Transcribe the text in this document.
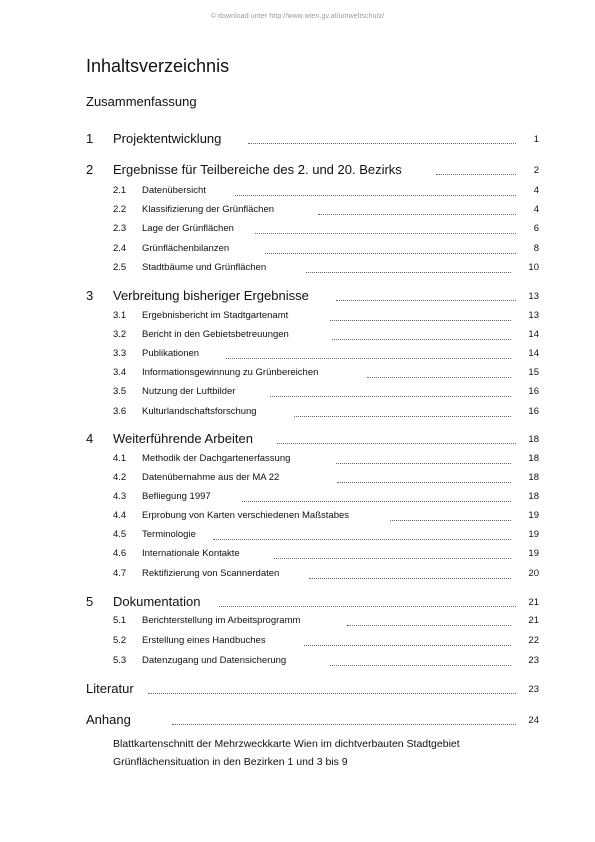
© download unter http://www.wien.gv.at/umweltschutz/
Inhaltsverzeichnis
Zusammenfassung
1 Projektentwicklung	1
2 Ergebnisse für Teilbereiche des 2. und 20. Bezirks	2
2.1 Datenübersicht	4
2.2 Klassifizierung der Grünflächen	4
2.3 Lage der Grünflächen	6
2.4 Grünflächenbilanzen	8
2.5 Stadtbäume und Grünflächen	10
3 Verbreitung bisheriger Ergebnisse	13
3.1 Ergebnisbericht im Stadtgartenamt	13
3.2 Bericht in den Gebietsbetreuungen	14
3.3 Publikationen	14
3.4 Informationsgewinnung zu Grünbereichen	15
3.5 Nutzung der Luftbilder	16
3.6 Kulturlandschaftsforschung	16
4 Weiterführende Arbeiten	18
4.1 Methodik der Dachgartenerfassung	18
4.2 Datenübernahme aus der MA 22	18
4.3 Befliegung 1997	18
4.4 Erprobung von Karten verschiedenen Maßstabes	19
4.5 Terminologie	19
4.6 Internationale Kontakte	19
4.7 Rektifizierung von Scannerdaten	20
5 Dokumentation	21
5.1 Berichterstellung im Arbeitsprogramm	21
5.2 Erstellung eines Handbuches	22
5.3 Datenzugang und Datensicherung	23
Literatur	23
Anhang	24
Blattkartenschnitt der Mehrzweckkarte Wien im dichtverbauten Stadtgebiet
Grünflächensituation in den Bezirken 1 und 3 bis 9
